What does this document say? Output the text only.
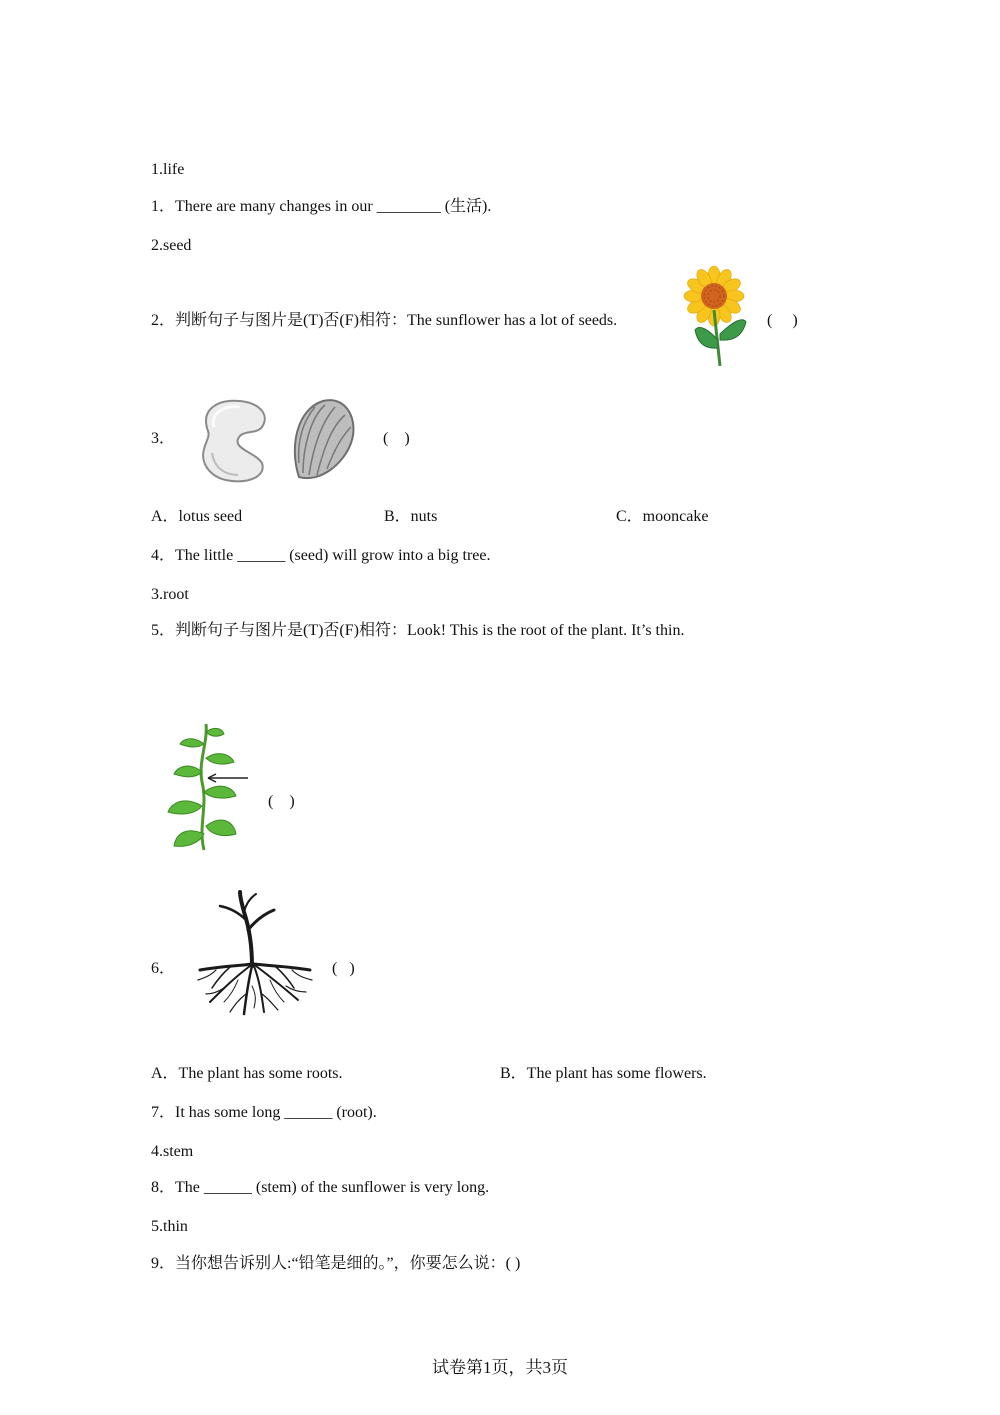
1.life
1．There are many changes in our ________ (生活).
2.seed
2．判断句子与图片是(T)否(F)相符：The sunflower has a lot of seeds.	(     )
3．	(    )
A．lotus seed	B．nuts	C．mooncake
4．The little ______ (seed) will grow into a big tree.
3.root
5．判断句子与图片是(T)否(F)相符：Look! This is the root of the plant. It’s thin.
(    )
6．	(   )
A．The plant has some roots.	B．The plant has some flowers.
7．It has some long ______ (root).
4.stem
8．The ______ (stem) of the sunflower is very long.
5.thin
9．当你想告诉别人:“铅笔是细的。”，你要怎么说：( )
试卷第1页，共3页
